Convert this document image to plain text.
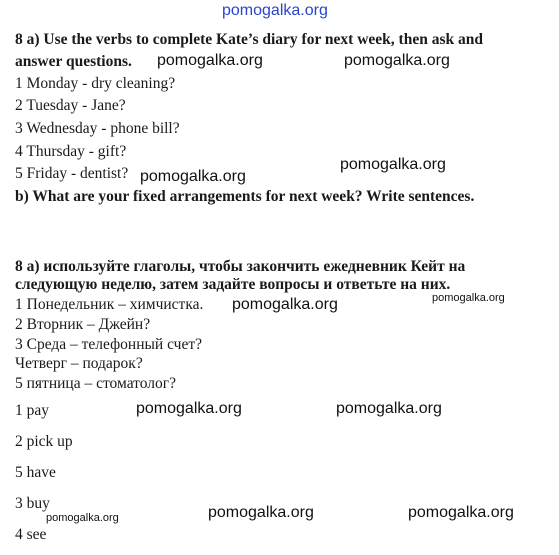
pomogalka.org
8 a) Use the verbs to complete Kate’s diary for next week, then ask and
answer questions.
1 Monday - dry cleaning?
2 Tuesday - Jane?
3 Wednesday - phone bill?
4 Thursday - gift?
5 Friday - dentist?
b) What are your fixed arrangements for next week? Write sentences.
8 а) используйте глаголы, чтобы закончить ежедневник Кейт на
следующую неделю, затем задайте вопросы и ответьте на них.
1 Понедельник – химчистка.
2 Вторник – Джейн?
3 Среда – телефонный счет?
Четверг – подарок?
5 пятница – стоматолог?
1 pay
2 pick up
5 have
3 buy
4 see
pomogalka.org	pomogalka.org
pomogalka.org
pomogalka.org
pomogalka.org	pomogalka.org
pomogalka.org	pomogalka.org
pomogalka.org	pomogalka.org	pomogalka.org
